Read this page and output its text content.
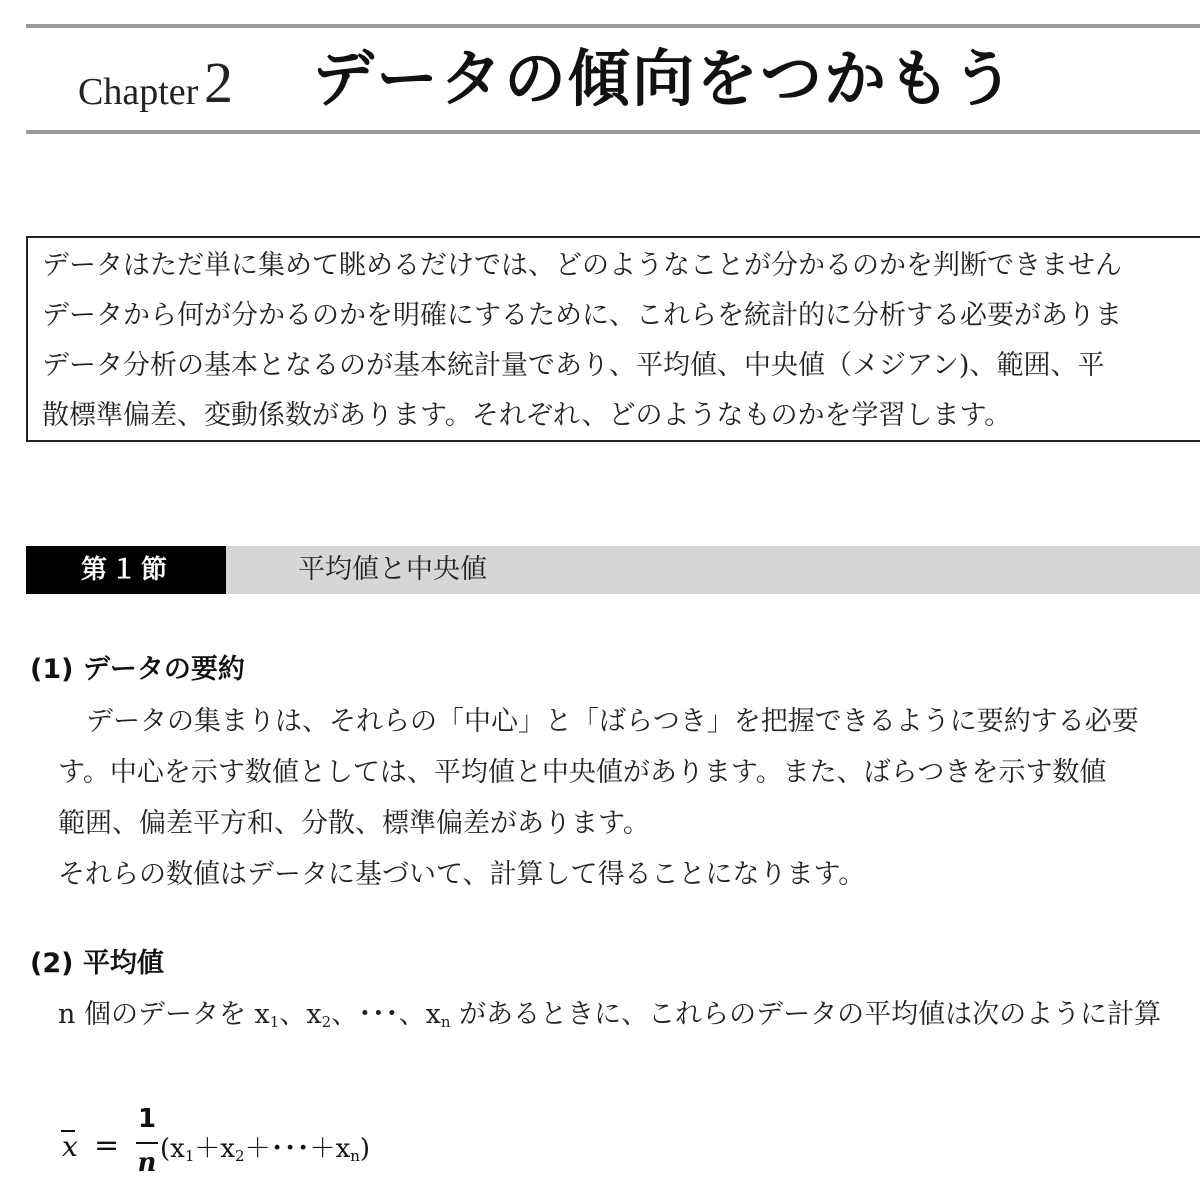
Chapter 2 データの傾向をつかもう
データはただ単に集めて眺めるだけでは、どのようなことが分かるのかを判断できません
データから何が分かるのかを明確にするために、これらを統計的に分析する必要がありま
データ分析の基本となるのが基本統計量であり、平均値、中央値（メジアン)、範囲、平
散標準偏差、変動係数があります。それぞれ、どのようなものかを学習します。
第１節	平均値と中央値
(1) データの要約
データの集まりは、それらの「中心」と「ばらつき」を把握できるように要約する必要
す。中心を示す数値としては、平均値と中央値があります。また、ばらつきを示す数値
範囲、偏差平方和、分散、標準偏差があります。
それらの数値はデータに基づいて、計算して得ることになります。
(2) 平均値
n 個のデータを $x_1$、$x_2$、･･･、$x_n$ があるときに、これらのデータの平均値は次のように計算
x =
1
n ($x_1+x_2+$･･･$+x_n$)
